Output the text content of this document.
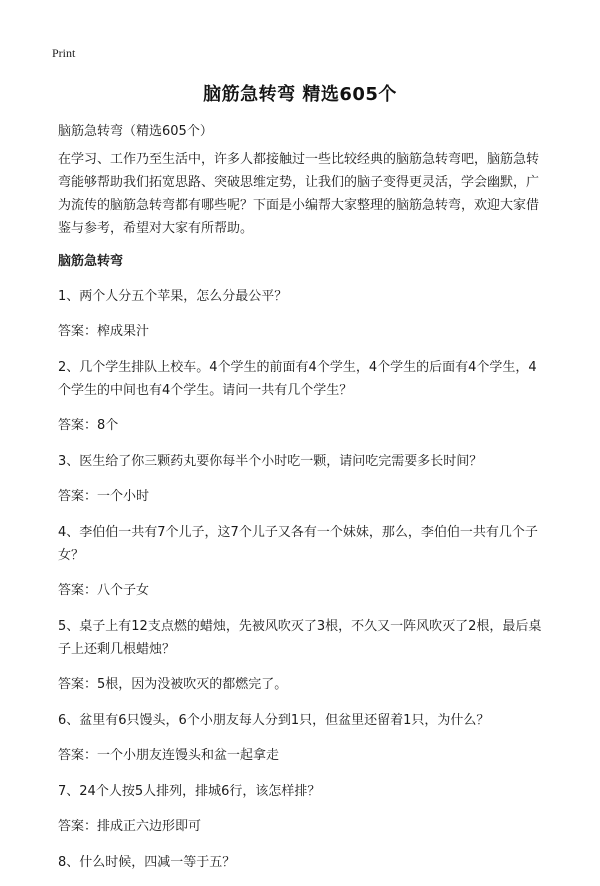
Print
脑筋急转弯 精选605个

脑筋急转弯（精选605个）

在学习、工作乃至生活中，许多人都接触过一些比较经典的脑筋急转弯吧，脑筋急转弯能够帮助我们拓宽思路、突破思维定势，让我们的脑子变得更灵活，学会幽默，广为流传的脑筋急转弯都有哪些呢？下面是小编帮大家整理的脑筋急转弯，欢迎大家借鉴与参考，希望对大家有所帮助。

脑筋急转弯

1、两个人分五个苹果，怎么分最公平？

答案：榨成果汁

2、几个学生排队上校车。4个学生的前面有4个学生，4个学生的后面有4个学生，4个学生的中间也有4个学生。请问一共有几个学生？

答案：8个

3、医生给了你三颗药丸要你每半个小时吃一颗，请问吃完需要多长时间？

答案：一个小时

4、李伯伯一共有7个儿子，这7个儿子又各有一个妹妹，那么，李伯伯一共有几个子女？

答案：八个子女

5、桌子上有12支点燃的蜡烛，先被风吹灭了3根，不久又一阵风吹灭了2根，最后桌子上还剩几根蜡烛？

答案：5根，因为没被吹灭的都燃完了。

6、盆里有6只馒头，6个小朋友每人分到1只，但盆里还留着1只，为什么？

答案：一个小朋友连馒头和盆一起拿走

7、24个人按5人排列，排城6行，该怎样排？

答案：排成正六边形即可

8、什么时候，四减一等于五？
